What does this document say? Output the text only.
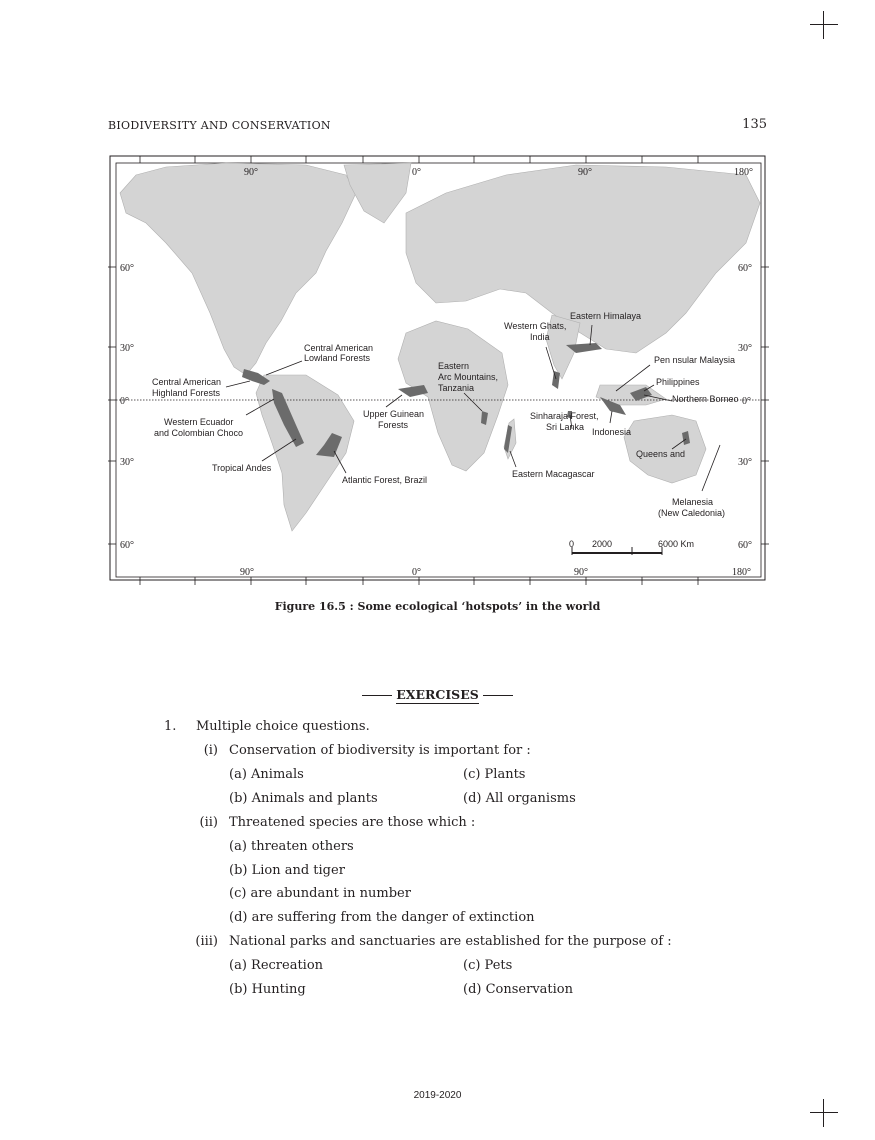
BIODIVERSITY AND CONSERVATION	135
0 2000	6000 Km
90°	0°	90°	180°
90°	0°	90°	180°
60°
30°
0°
30°
60°
60°
30°
0°
30°
60°
Central American
Lowland Forests
Central American
Highland Forests
Western Ecuador
and Colombian Choco
Tropical Andes
Atlantic Forest, Brazil
Upper Guinean
Forests
Eastern
Arc Mountains,
Tanzania
Eastern Macagascar
Western Ghats,
India
Eastern Himalaya
Sinharaja Forest,
Sri Lanka Indonesia
Pen nsular Malaysia
Philippines
Northern Borneo
Queens and
Melanesia
(New Caledonia)
Figure 16.5 : Some ecological ‘hotspots’ in the world
EXERCISES
1. Multiple choice questions.
(i) Conservation of biodiversity is important for :
(a) Animals	(c) Plants
(b) Animals and plants	(d) All organisms
(ii) Threatened species are those which :
(a) threaten others
(b) Lion and tiger
(c) are abundant in number
(d) are suffering from the danger of extinction
(iii) National parks and sanctuaries are established for the purpose of :
(a) Recreation	(c) Pets
(b) Hunting	(d) Conservation
2019-2020
